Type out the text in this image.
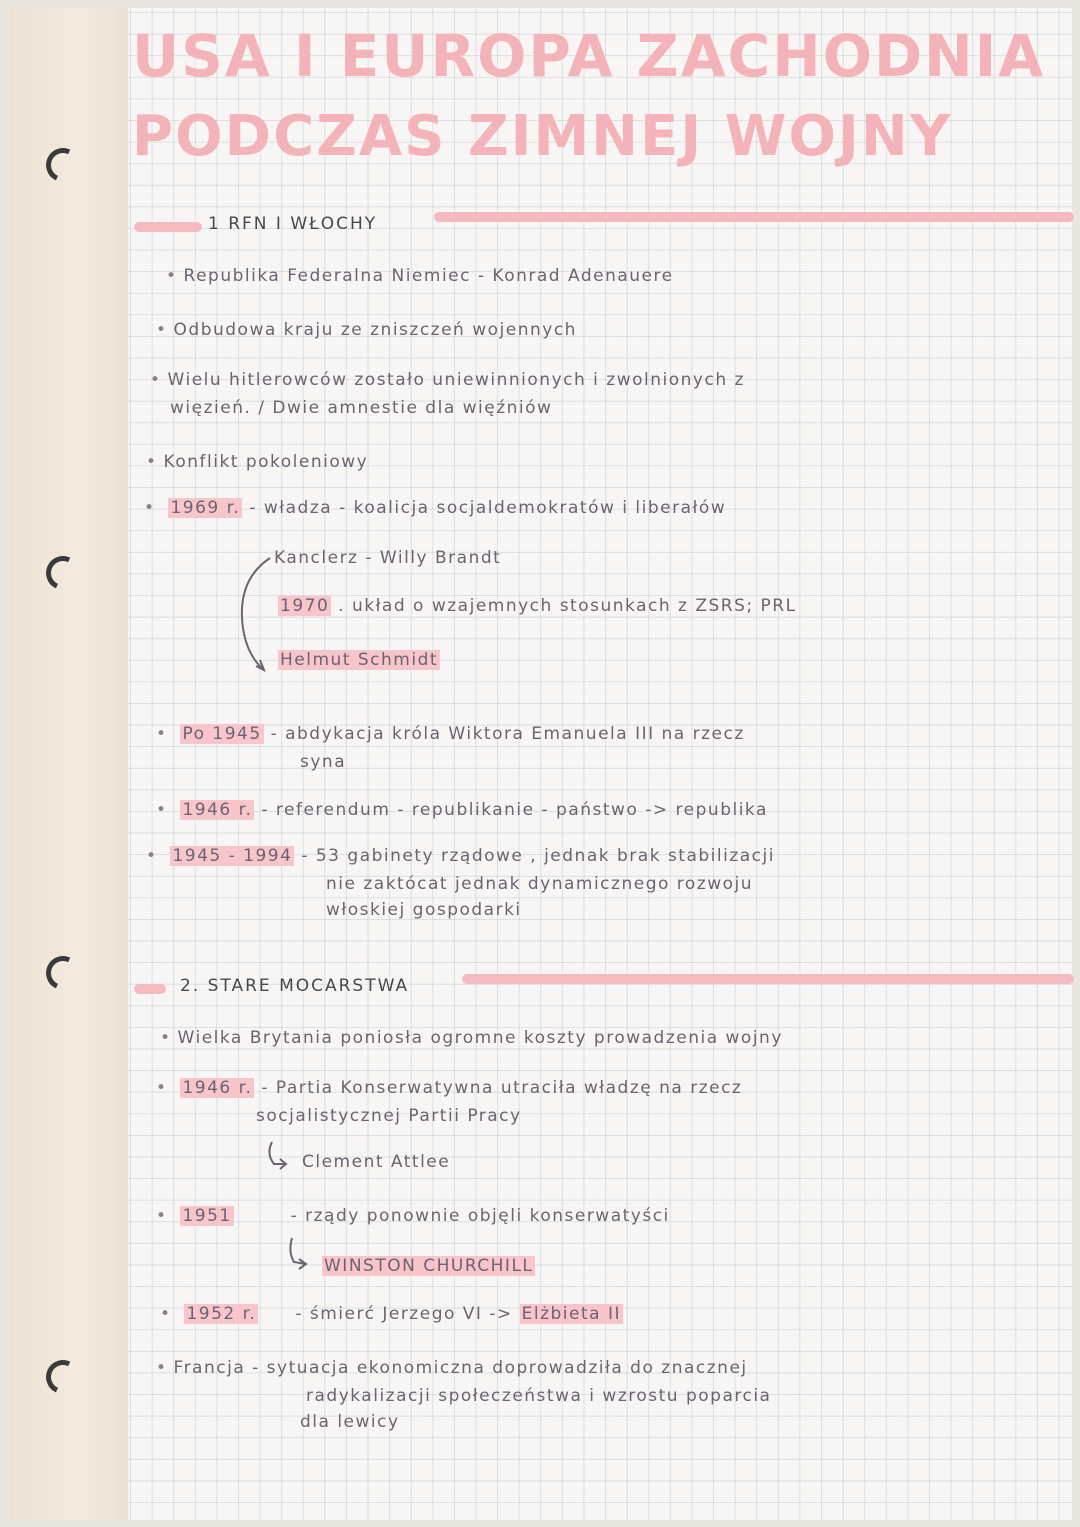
USA I EUROPA ZACHODNIA
PODCZAS ZIMNEJ WOJNY
1 RFN I WŁOCHY
• Republika Federalna Niemiec - Konrad Adenauere
• Odbudowa kraju ze zniszczeń wojennych
• Wielu hitlerowców zostało uniewinnionych i zwolnionych z
więzień. / Dwie amnestie dla więźniów
• Konflikt pokoleniowy
• 1969 r. - władza - koalicja socjaldemokratów i liberałów
Kanclerz - Willy Brandt
1970 . układ o wzajemnych stosunkach z ZSRS; PRL
Helmut Schmidt
• Po 1945 - abdykacja króla Wiktora Emanuela III na rzecz
syna
• 1946 r. - referendum - republikanie - państwo -> republika
• 1945 - 1994 - 53 gabinety rządowe , jednak brak stabilizacji
nie zaktócat jednak dynamicznego rozwoju
włoskiej gospodarki
2. STARE MOCARSTWA
• Wielka Brytania poniosła ogromne koszty prowadzenia wojny
• 1946 r. - Partia Konserwatywna utraciła władzę na rzecz
socjalistycznej Partii Pracy
Clement Attlee
• 1951	- rządy ponownie objęli konserwatyści
WINSTON CHURCHILL
• 1952 r. - śmierć Jerzego VI -> Elżbieta II
• Francja - sytuacja ekonomiczna doprowadziła do znacznej
radykalizacji społeczeństwa i wzrostu poparcia
dla lewicy
